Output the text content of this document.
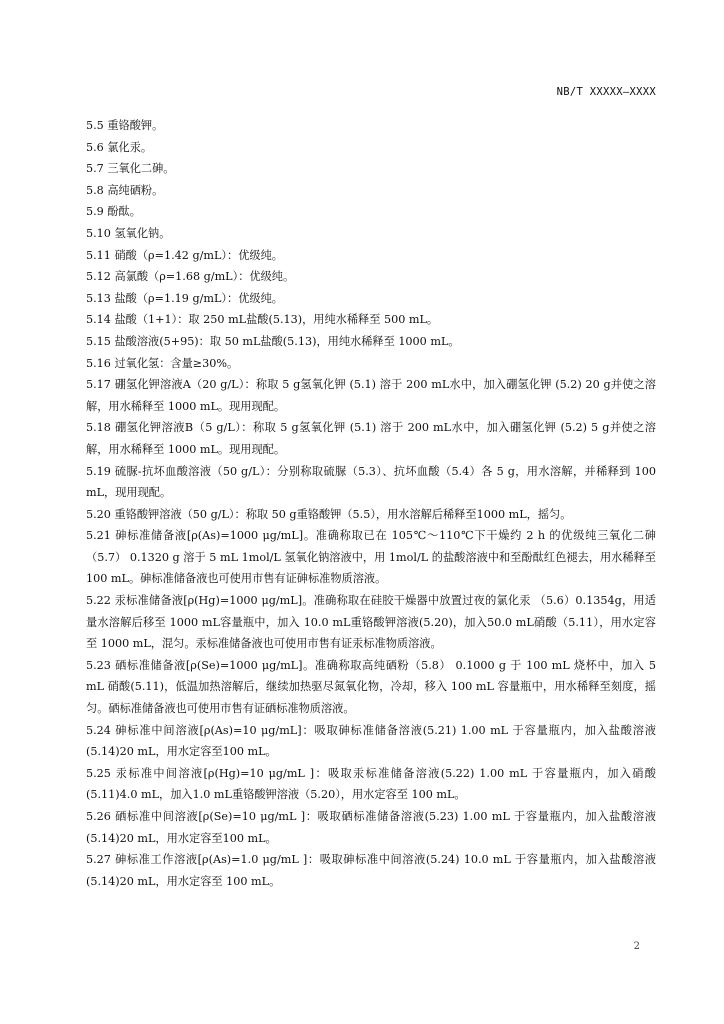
NB/T XXXXX—XXXX

5.5 重铬酸钾。

5.6 氯化汞。

5.7 三氧化二砷。

5.8 高纯硒粉。

5.9 酚酞。

5.10 氢氧化钠。

5.11 硝酸（ρ=1.42 g/mL）：优级纯。

5.12 高氯酸（ρ=1.68 g/mL）：优级纯。

5.13 盐酸（ρ=1.19 g/mL）：优级纯。

5.14 盐酸（1+1）：取 250 mL盐酸(5.13)，用纯水稀释至 500 mL。

5.15 盐酸溶液(5+95)：取 50 mL盐酸(5.13)，用纯水稀释至 1000 mL。

5.16 过氧化氢：含量≥30%。

5.17 硼氢化钾溶液A（20 g/L）：称取 5 g氢氧化钾 (5.1) 溶于 200 mL水中，加入硼氢化钾 (5.2) 20 g并使之溶解，用水稀释至 1000 mL。现用现配。

5.18 硼氢化钾溶液B（5 g/L）：称取 5 g氢氧化钾 (5.1) 溶于 200 mL水中，加入硼氢化钾 (5.2) 5 g并使之溶解，用水稀释至 1000 mL。现用现配。

5.19 硫脲-抗坏血酸溶液（50 g/L）：分别称取硫脲（5.3）、抗坏血酸（5.4）各 5 g，用水溶解，并稀释到 100 mL，现用现配。

5.20 重铬酸钾溶液（50 g/L）：称取 50 g重铬酸钾（5.5），用水溶解后稀释至1000 mL，摇匀。

5.21 砷标准储备液[ρ(As)=1000 μg/mL]。准确称取已在 105℃～110℃下干燥约 2 h 的优级纯三氧化二砷（5.7） 0.1320 g 溶于 5 mL 1mol/L 氢氧化钠溶液中，用 1mol/L 的盐酸溶液中和至酚酞红色褪去，用水稀释至 100 mL。砷标准储备液也可使用市售有证砷标准物质溶液。

5.22 汞标准储备液[ρ(Hg)=1000 μg/mL]。准确称取在硅胶干燥器中放置过夜的氯化汞 （5.6）0.1354g，用适量水溶解后移至 1000 mL容量瓶中，加入 10.0 mL重铬酸钾溶液(5.20)，加入50.0 mL硝酸（5.11），用水定容至 1000 mL，混匀。汞标准储备液也可使用市售有证汞标准物质溶液。

5.23 硒标准储备液[ρ(Se)=1000 μg/mL]。准确称取高纯硒粉（5.8） 0.1000 g 于 100 mL 烧杯中，加入 5 mL 硝酸(5.11)，低温加热溶解后，继续加热驱尽氮氧化物，冷却，移入 100 mL 容量瓶中，用水稀释至刻度，摇匀。硒标准储备液也可使用市售有证硒标准物质溶液。

5.24 砷标准中间溶液[ρ(As)=10 μg/mL]：吸取砷标准储备溶液(5.21) 1.00 mL 于容量瓶内，加入盐酸溶液(5.14)20 mL，用水定容至100 mL。

5.25 汞标准中间溶液[ρ(Hg)=10 μg/mL ]：吸取汞标准储备溶液(5.22) 1.00 mL 于容量瓶内，加入硝酸(5.11)4.0 mL，加入1.0 mL重铬酸钾溶液（5.20），用水定容至 100 mL。

5.26 硒标准中间溶液[ρ(Se)=10 μg/mL ]：吸取硒标准储备溶液(5.23) 1.00 mL 于容量瓶内，加入盐酸溶液(5.14)20 mL，用水定容至100 mL。

5.27 砷标准工作溶液[ρ(As)=1.0 μg/mL ]：吸取砷标准中间溶液(5.24) 10.0 mL 于容量瓶内，加入盐酸溶液(5.14)20 mL，用水定容至 100 mL。

2
